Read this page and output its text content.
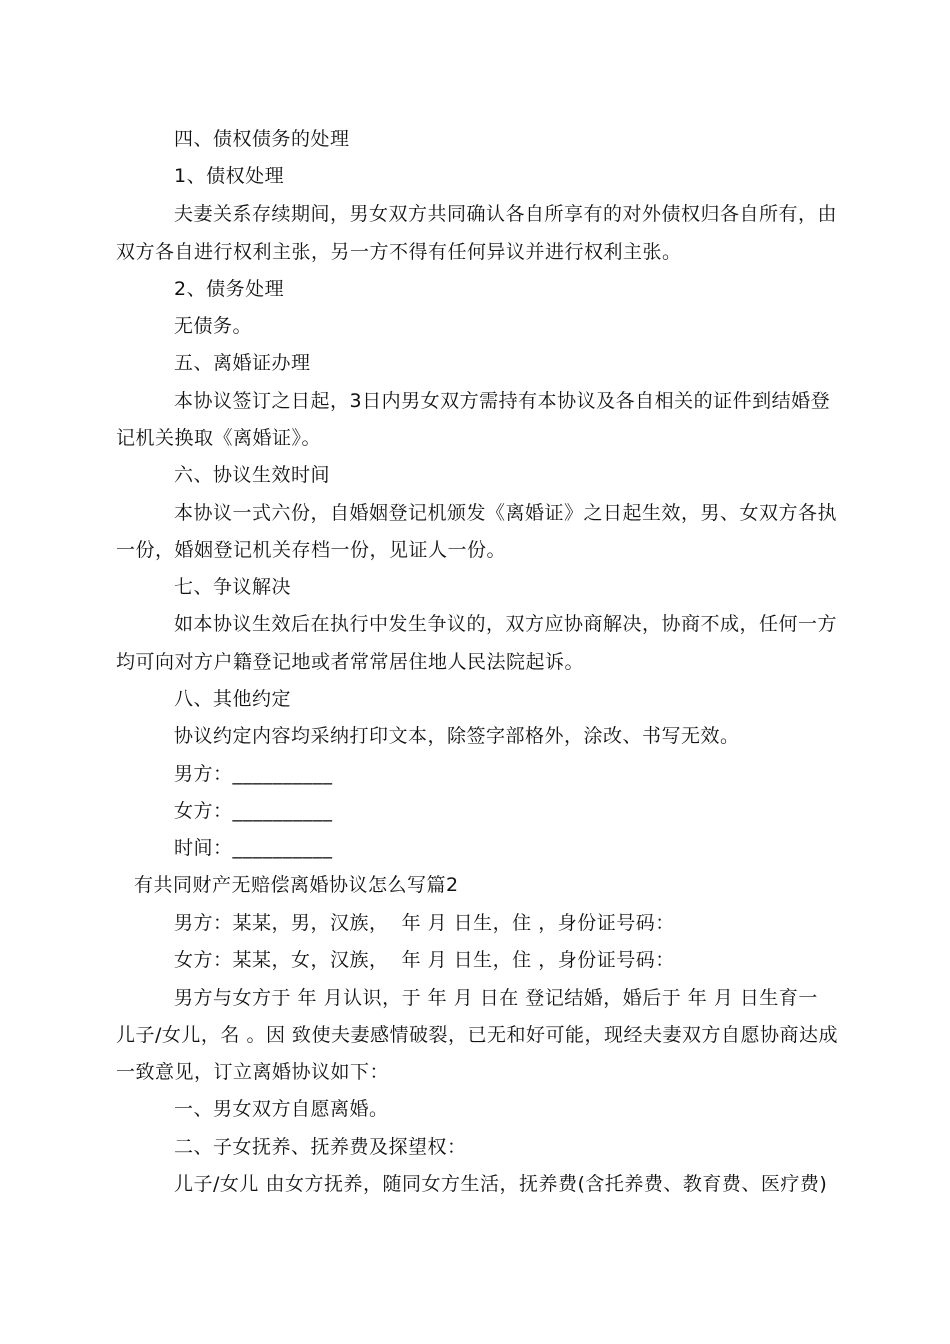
四、债权债务的处理
1、债权处理
夫妻关系存续期间，男女双方共同确认各自所享有的对外债权归各自所有，由
双方各自进行权利主张，另一方不得有任何异议并进行权利主张。
2、债务处理
无债务。
五、离婚证办理
本协议签订之日起，3日内男女双方需持有本协议及各自相关的证件到结婚登
记机关换取《离婚证》。
六、协议生效时间
本协议一式六份，自婚姻登记机颁发《离婚证》之日起生效，男、女双方各执
一份，婚姻登记机关存档一份，见证人一份。
七、争议解决
如本协议生效后在执行中发生争议的，双方应协商解决，协商不成，任何一方
均可向对方户籍登记地或者常常居住地人民法院起诉。
八、其他约定
协议约定内容均采纳打印文本，除签字部格外，涂改、书写无效。
男方：__________
女方：__________
时间：__________
有共同财产无赔偿离婚协议怎么写篇2
男方：某某，男，汉族，  年 月 日生，住 ，身份证号码：
女方：某某，女，汉族，  年 月 日生，住 ，身份证号码：
男方与女方于 年 月认识，于 年 月 日在 登记结婚，婚后于 年 月 日生育一
儿子/女儿，名 。因 致使夫妻感情破裂，已无和好可能，现经夫妻双方自愿协商达成
一致意见，订立离婚协议如下：
一、男女双方自愿离婚。
二、子女抚养、抚养费及探望权：
儿子/女儿 由女方抚养，随同女方生活，抚养费(含托养费、教育费、医疗费)
